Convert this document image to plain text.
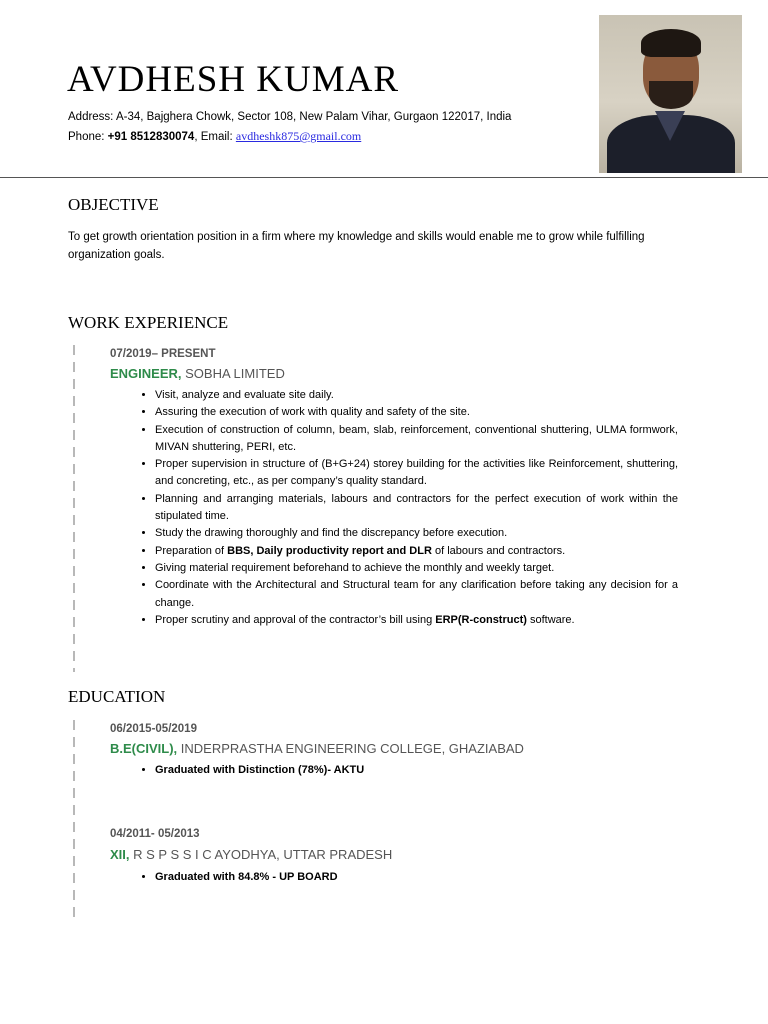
AVDHESH KUMAR
Address: A-34, Bajghera Chowk, Sector 108, New Palam Vihar, Gurgaon 122017, India
Phone: +91 8512830074, Email: avdheshk875@gmail.com
OBJECTIVE

To get growth orientation position in a firm where my knowledge and skills would enable me to grow while fulfilling organization goals.

WORK EXPERIENCE
07/2019– PRESENT
ENGINEER, SOBHA LIMITED
• Visit, analyze and evaluate site daily.
• Assuring the execution of work with quality and safety of the site.
• Execution of construction of column, beam, slab, reinforcement, conventional shuttering, ULMA formwork, MIVAN shuttering, PERI, etc.
• Proper supervision in structure of (B+G+24) storey building for the activities like Reinforcement, shuttering, and concreting, etc., as per company’s quality standard.
• Planning and arranging materials, labours and contractors for the perfect execution of work within the stipulated time.
• Study the drawing thoroughly and find the discrepancy before execution.
• Preparation of BBS, Daily productivity report and DLR of labours and contractors.
• Giving material requirement beforehand to achieve the monthly and weekly target.
• Coordinate with the Architectural and Structural team for any clarification before taking any decision for a change.
• Proper scrutiny and approval of the contractor’s bill using ERP(R-construct) software.
EDUCATION
06/2015-05/2019
B.E(CIVIL), INDERPRASTHA ENGINEERING COLLEGE, GHAZIABAD
• Graduated with Distinction (78%)- AKTU
04/2011- 05/2013
XII, R S P S S I C AYODHYA, UTTAR PRADESH
• Graduated with 84.8% - UP BOARD
